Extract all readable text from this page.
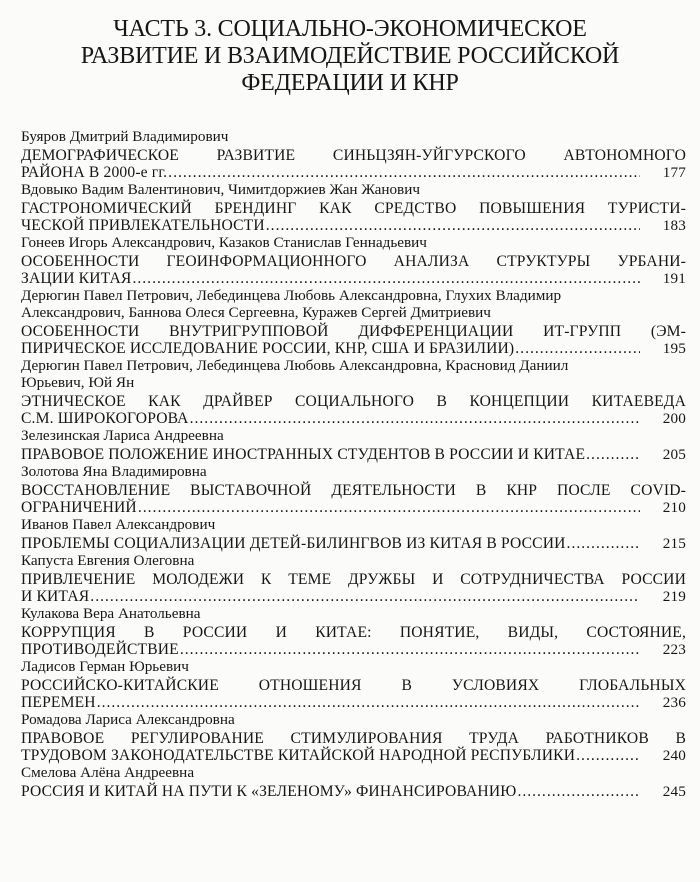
ЧАСТЬ 3. СОЦИАЛЬНО-ЭКОНОМИЧЕСКОЕ
РАЗВИТИЕ И ВЗАИМОДЕЙСТВИЕ РОССИЙСКОЙ
ФЕДЕРАЦИИ И КНР
Буяров Дмитрий Владимирович
ДЕМОГРАФИЧЕСКОЕ РАЗВИТИЕ СИНЬЦЗЯН-УЙГУРСКОГО АВТОНОМНОГО
РАЙОНА В 2000-е гг. .....	177
Вдовыко Вадим Валентинович, Чимитдоржиев Жан Жанович
ГАСТРОНОМИЧЕСКИЙ БРЕНДИНГ КАК СРЕДСТВО ПОВЫШЕНИЯ ТУРИСТИ-
ЧЕСКОЙ ПРИВЛЕКАТЕЛЬНОСТИ .....	183
Гонеев Игорь Александрович, Казаков Станислав Геннадьевич
ОСОБЕННОСТИ ГЕОИНФОРМАЦИОННОГО АНАЛИЗА СТРУКТУРЫ УРБАНИ-
ЗАЦИИ КИТАЯ .....	191
Дерюгин Павел Петрович, Лебединцева Любовь Александровна, Глухих Владимир
Александрович, Баннова Олеся Сергеевна, Куражев Сергей Дмитриевич
ОСОБЕННОСТИ ВНУТРИГРУППОВОЙ ДИФФЕРЕНЦИАЦИИ ИТ-ГРУПП (ЭМ-
ПИРИЧЕСКОЕ ИССЛЕДОВАНИЕ РОССИИ, КНР, США И БРАЗИЛИИ) .....	195
Дерюгин Павел Петрович, Лебединцева Любовь Александровна, Красновид Даниил
Юрьевич, Юй Ян
ЭТНИЧЕСКОЕ КАК ДРАЙВЕР СОЦИАЛЬНОГО В КОНЦЕПЦИИ КИТАЕВЕДА
С.М. ШИРОКОГОРОВА .....	200
Зелезинская Лариса Андреевна
ПРАВОВОЕ ПОЛОЖЕНИЕ ИНОСТРАННЫХ СТУДЕНТОВ В РОССИИ И КИТАЕ .....	205
Золотова Яна Владимировна
ВОССТАНОВЛЕНИЕ ВЫСТАВОЧНОЙ ДЕЯТЕЛЬНОСТИ В КНР ПОСЛЕ COVID-
ОГРАНИЧЕНИЙ .....	210
Иванов Павел Александрович
ПРОБЛЕМЫ СОЦИАЛИЗАЦИИ ДЕТЕЙ-БИЛИНГВОВ ИЗ КИТАЯ В РОССИИ .....	215
Капуста Евгения Олеговна
ПРИВЛЕЧЕНИЕ МОЛОДЕЖИ К ТЕМЕ ДРУЖБЫ И СОТРУДНИЧЕСТВА РОССИИ
И КИТАЯ .....	219
Кулакова Вера Анатольевна
КОРРУПЦИЯ В РОССИИ И КИТАЕ: ПОНЯТИЕ, ВИДЫ, СОСТОЯНИЕ,
ПРОТИВОДЕЙСТВИЕ .....	223
Ладисов Герман Юрьевич
РОССИЙСКО-КИТАЙСКИЕ ОТНОШЕНИЯ В УСЛОВИЯХ ГЛОБАЛЬНЫХ
ПЕРЕМЕН .....	236
Ромадова Лариса Александровна
ПРАВОВОЕ РЕГУЛИРОВАНИЕ СТИМУЛИРОВАНИЯ ТРУДА РАБОТНИКОВ В
ТРУДОВОМ ЗАКОНОДАТЕЛЬСТВЕ КИТАЙСКОЙ НАРОДНОЙ РЕСПУБЛИКИ .....	240
Смелова Алёна Андреевна
РОССИЯ И КИТАЙ НА ПУТИ К «ЗЕЛЕНОМУ» ФИНАНСИРОВАНИЮ .....	245
